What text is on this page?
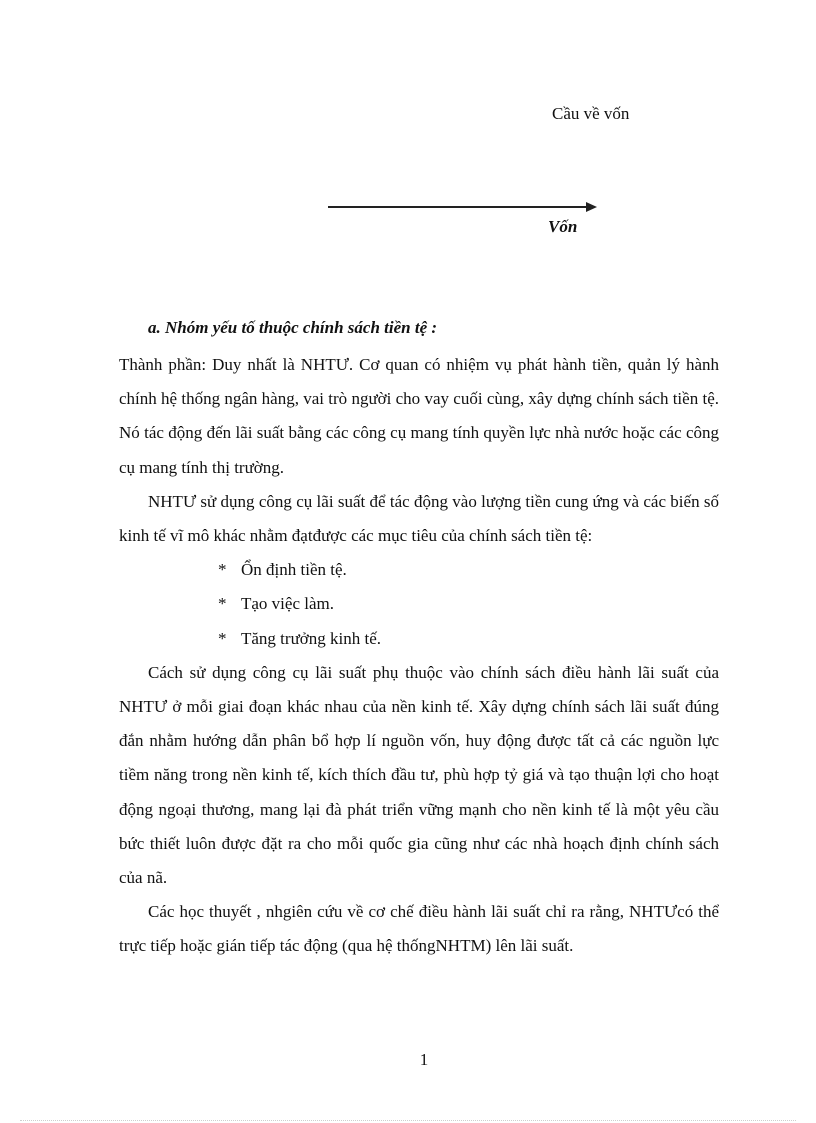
Cầu về vốn
Vốn
a. Nhóm yếu tố thuộc chính sách tiền tệ :

Thành phần: Duy nhất là NHTƯ. Cơ quan có nhiệm vụ phát hành tiền, quản lý hành chính hệ thống ngân hàng, vai trò người cho vay cuối cùng, xây dựng chính sách tiền tệ. Nó tác động đến lãi suất bằng các công cụ mang tính quyền lực nhà nước hoặc các công cụ mang tính thị trường.

NHTƯ sử dụng công cụ lãi suất để tác động vào lượng tiền cung ứng và các biến số kinh tế vĩ mô khác nhằm đạtđược các mục tiêu của chính sách tiền tệ:

* Ổn định tiền tệ.
* Tạo việc làm.
* Tăng trưởng kinh tế.

Cách sử dụng công cụ lãi suất phụ thuộc vào chính sách điều hành lãi suất của NHTƯ ở mỗi giai đoạn khác nhau của nền kinh tế. Xây dựng chính sách lãi suất đúng đắn nhằm hướng dẫn phân bổ hợp lí nguồn vốn, huy động được tất cả các nguồn lực tiềm năng trong nền kinh tế, kích thích đầu tư, phù hợp tỷ giá và tạo thuận lợi cho hoạt động ngoại thương, mang lại đà phát triển vững mạnh cho nền kinh tế là một yêu cầu bức thiết luôn được đặt ra cho mỗi quốc gia cũng như các nhà hoạch định chính sách của nã.

Các học thuyết , nhgiên cứu về cơ chế điều hành lãi suất chỉ ra rằng, NHTƯcó thể trực tiếp hoặc gián tiếp tác động (qua hệ thốngNHTM) lên lãi suất.

1
